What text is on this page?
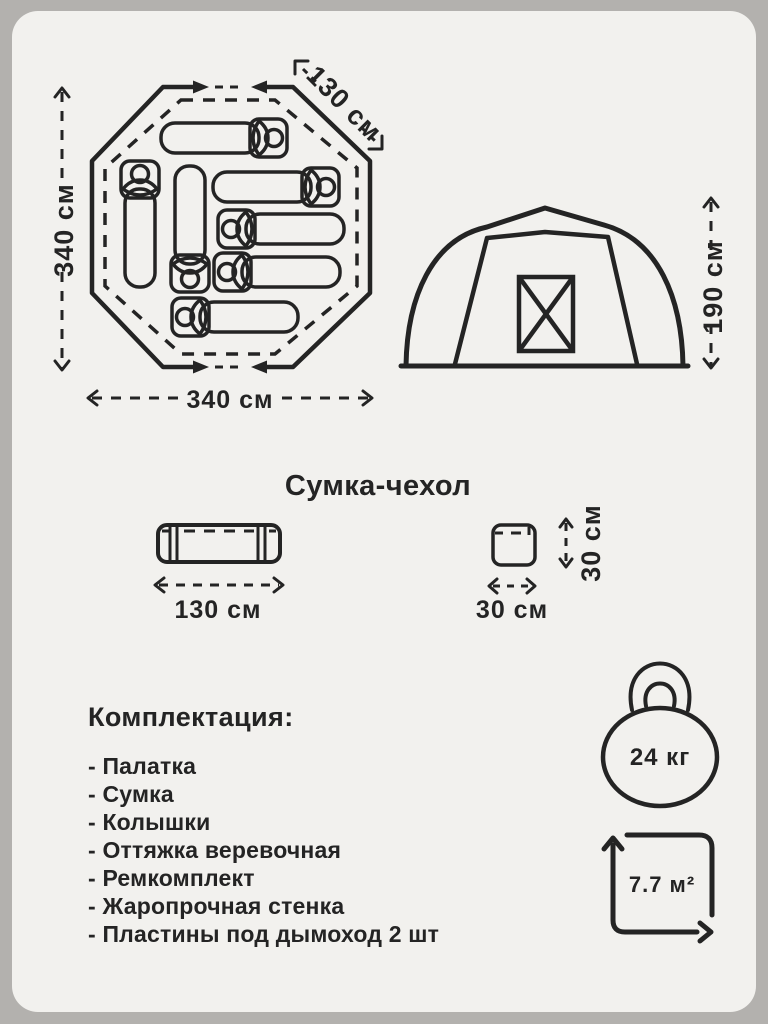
340 см
340 см
130 см
190 см
Сумка-чехол
130 см
30 см
30 см
Комплектация:
- Палатка
- Сумка
- Колышки
- Оттяжка веревочная
- Ремкомплект
- Жаропрочная стенка
- Пластины под дымоход 2 шт
24 кг
7.7 м²
